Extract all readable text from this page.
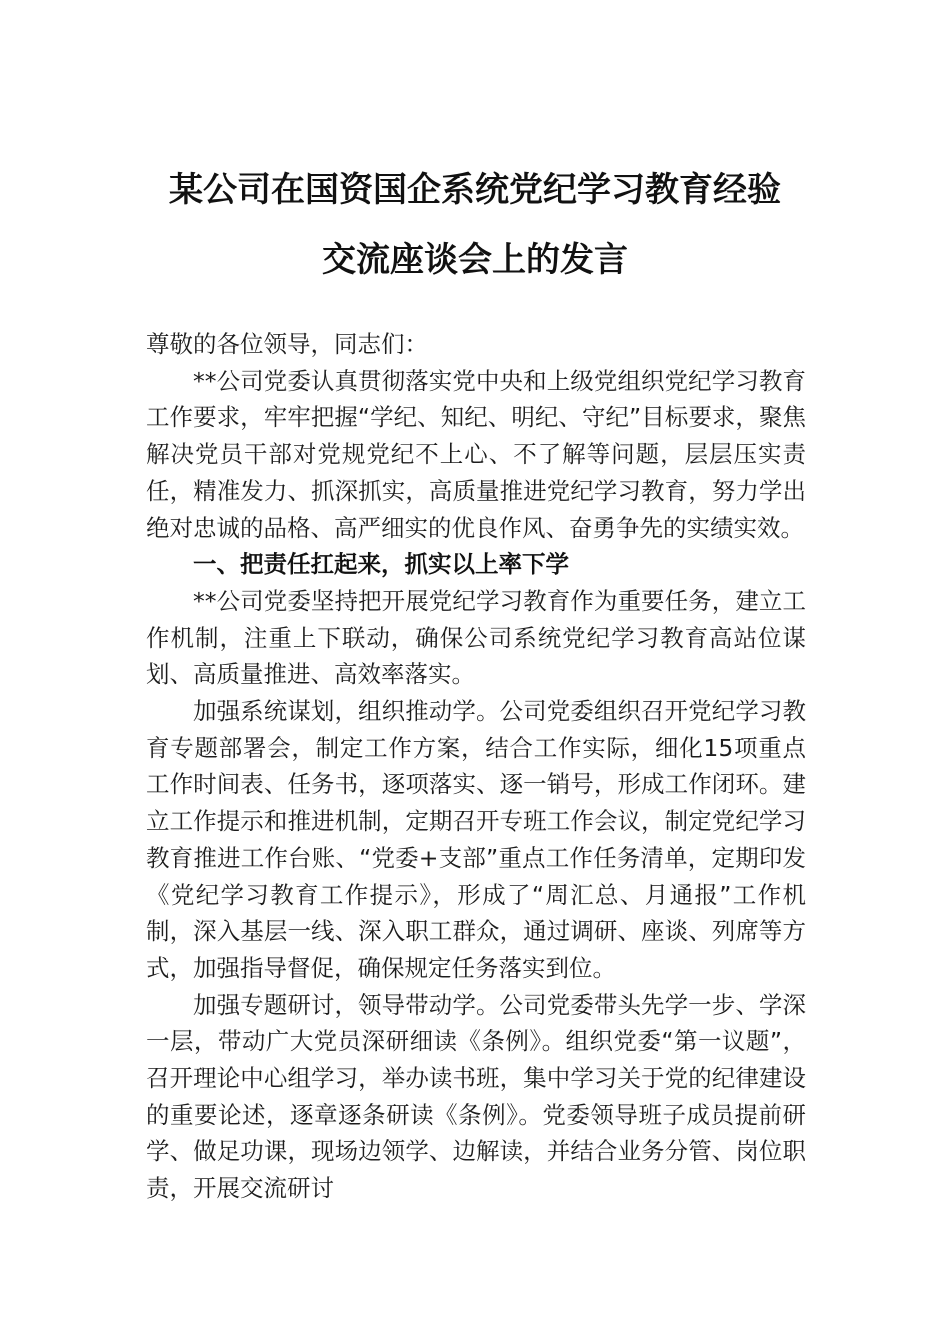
某公司在国资国企系统党纪学习教育经验
交流座谈会上的发言

尊敬的各位领导，同志们：

**公司党委认真贯彻落实党中央和上级党组织党纪学习教育工作要求，牢牢把握“学纪、知纪、明纪、守纪”目标要求，聚焦解决党员干部对党规党纪不上心、不了解等问题，层层压实责任，精准发力、抓深抓实，高质量推进党纪学习教育，努力学出绝对忠诚的品格、高严细实的优良作风、奋勇争先的实绩实效。

一、把责任扛起来，抓实以上率下学

**公司党委坚持把开展党纪学习教育作为重要任务，建立工作机制，注重上下联动，确保公司系统党纪学习教育高站位谋划、高质量推进、高效率落实。

加强系统谋划，组织推动学。公司党委组织召开党纪学习教育专题部署会，制定工作方案，结合工作实际，细化15项重点工作时间表、任务书，逐项落实、逐一销号，形成工作闭环。建立工作提示和推进机制，定期召开专班工作会议，制定党纪学习教育推进工作台账、“党委+支部”重点工作任务清单，定期印发《党纪学习教育工作提示》，形成了“周汇总、月通报”工作机制，深入基层一线、深入职工群众，通过调研、座谈、列席等方式，加强指导督促，确保规定任务落实到位。

加强专题研讨，领导带动学。公司党委带头先学一步、学深一层，带动广大党员深研细读《条例》。组织党委“第一议题”，召开理论中心组学习，举办读书班，集中学习关于党的纪律建设的重要论述，逐章逐条研读《条例》。党委领导班子成员提前研学、做足功课，现场边领学、边解读，并结合业务分管、岗位职责，开展交流研讨
